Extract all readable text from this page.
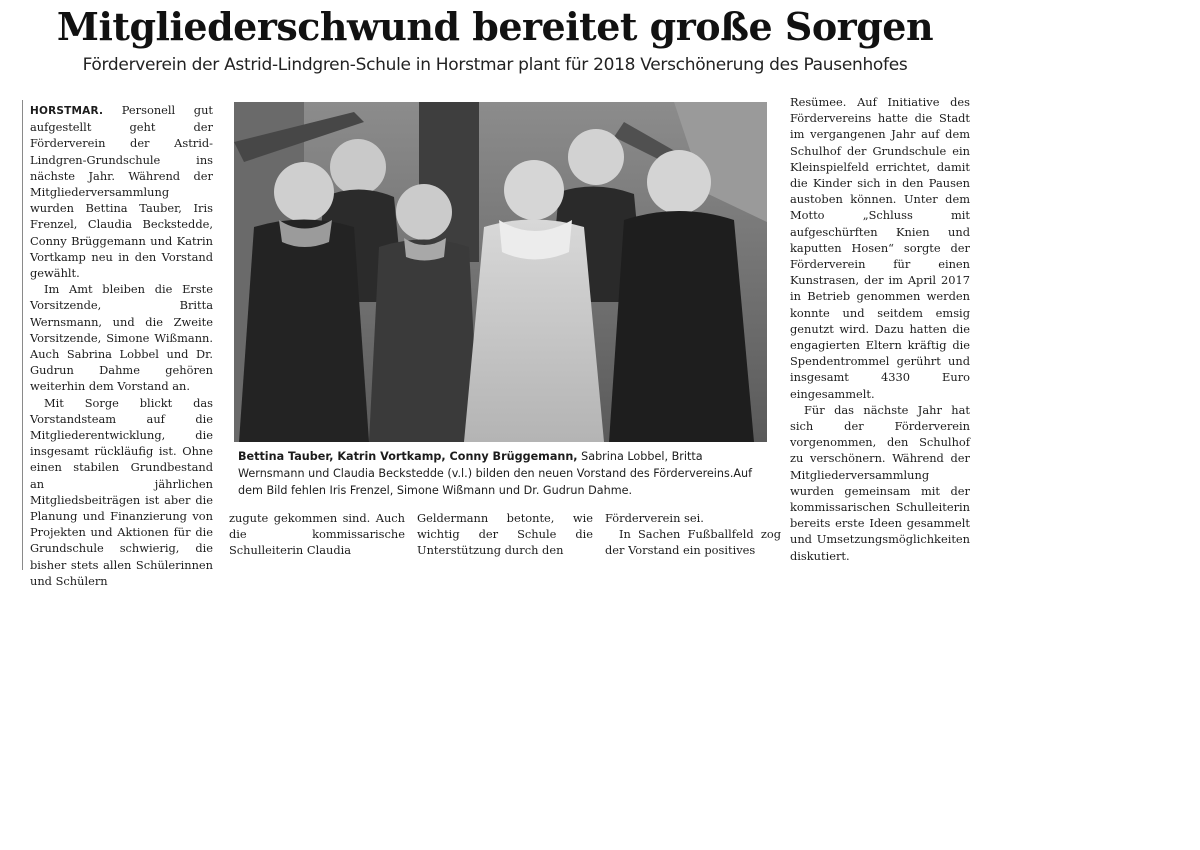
Mitgliederschwund bereitet große Sorgen
Förderverein der Astrid-Lindgren-Schule in Horstmar plant für 2018 Verschönerung des Pausenhofes

HORSTMAR. Personell gut aufgestellt geht der Förderverein der Astrid-Lindgren-Grundschule ins nächste Jahr. Während der Mitgliederversammlung wurden Bettina Tauber, Iris Frenzel, Claudia Beckstedde, Conny Brüggemann und Katrin Vortkamp neu in den Vorstand gewählt.

Im Amt bleiben die Erste Vorsitzende, Britta Wernsmann, und die Zweite Vorsitzende, Simone Wißmann. Auch Sabrina Lobbel und Dr. Gudrun Dahme gehören weiterhin dem Vorstand an.

Mit Sorge blickt das Vorstandsteam auf die Mitgliederentwicklung, die insgesamt rückläufig ist. Ohne einen stabilen Grundbestand an jährlichen Mitgliedsbeiträgen ist aber die Planung und Finanzierung von Projekten und Aktionen für die Grundschule schwierig, die bisher stets allen Schülerinnen und Schülern

Bettina Tauber, Katrin Vortkamp, Conny Brüggemann, Sabrina Lobbel, Britta Wernsmann und Claudia Beckstedde (v.l.) bilden den neuen Vorstand des Fördervereins.Auf dem Bild fehlen Iris Frenzel, Simone Wißmann und Dr. Gudrun Dahme.

zugute gekommen sind. Auch die kommissarische Schulleiterin Claudia

Geldermann betonte, wie wichtig der Schule die Unterstützung durch den

Förderverein sei.

In Sachen Fußballfeld zog der Vorstand ein positives

Resümee. Auf Initiative des Fördervereins hatte die Stadt im vergangenen Jahr auf dem Schulhof der Grundschule ein Kleinspielfeld errichtet, damit die Kinder sich in den Pausen austoben können. Unter dem Motto „Schluss mit aufgeschürften Knien und kaputten Hosen“ sorgte der Förderverein für einen Kunstrasen, der im April 2017 in Betrieb genommen werden konnte und seitdem emsig genutzt wird. Dazu hatten die engagierten Eltern kräftig die Spendentrommel gerührt und insgesamt 4330 Euro eingesammelt.

Für das nächste Jahr hat sich der Förderverein vorgenommen, den Schulhof zu verschönern. Während der Mitgliederversammlung wurden gemeinsam mit der kommissarischen Schulleiterin bereits erste Ideen gesammelt und Umsetzungsmöglichkeiten diskutiert.
